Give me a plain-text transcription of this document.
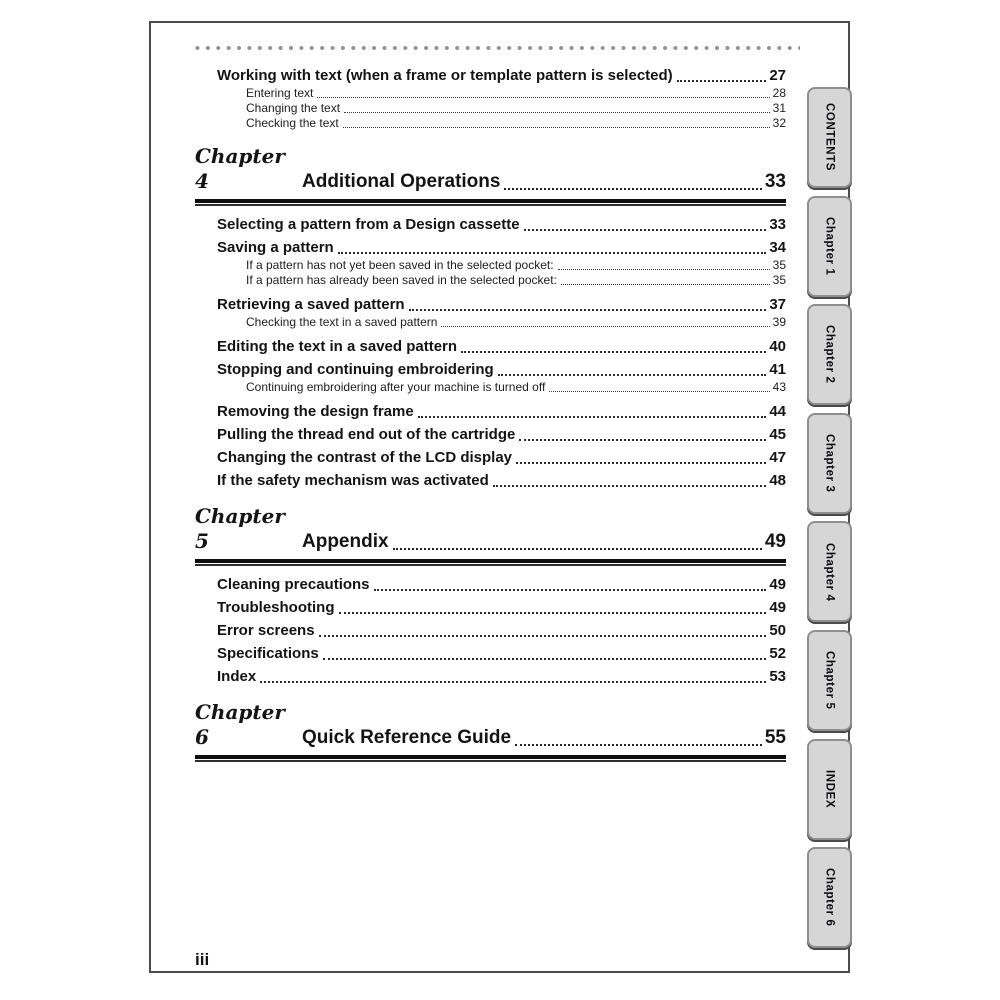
Working with text (when a frame or template pattern is selected)	27
Entering text	28
Changing the text	31
Checking the text	32
Chapter 4	Additional Operations	33
Selecting a pattern from a Design cassette	33
Saving a pattern	34
If a pattern has not yet been saved in the selected pocket:	35
If a pattern has already been saved in the selected pocket:	35
Retrieving a saved pattern	37
Checking the text in a saved pattern	39
Editing the text in a saved pattern	40
Stopping and continuing embroidering	41
Continuing embroidering after your machine is turned off	43
Removing the design frame	44
Pulling the thread end out of the cartridge	45
Changing the contrast of the LCD display	47
If the safety mechanism was activated	48
Chapter 5	Appendix	49
Cleaning precautions	49
Troubleshooting	49
Error screens	50
Specifications	52
Index	53
Chapter 6	Quick Reference Guide	55
iii
CONTENTS
Chapter 1
Chapter 2
Chapter 3
Chapter 4
Chapter 5
INDEX
Chapter 6
